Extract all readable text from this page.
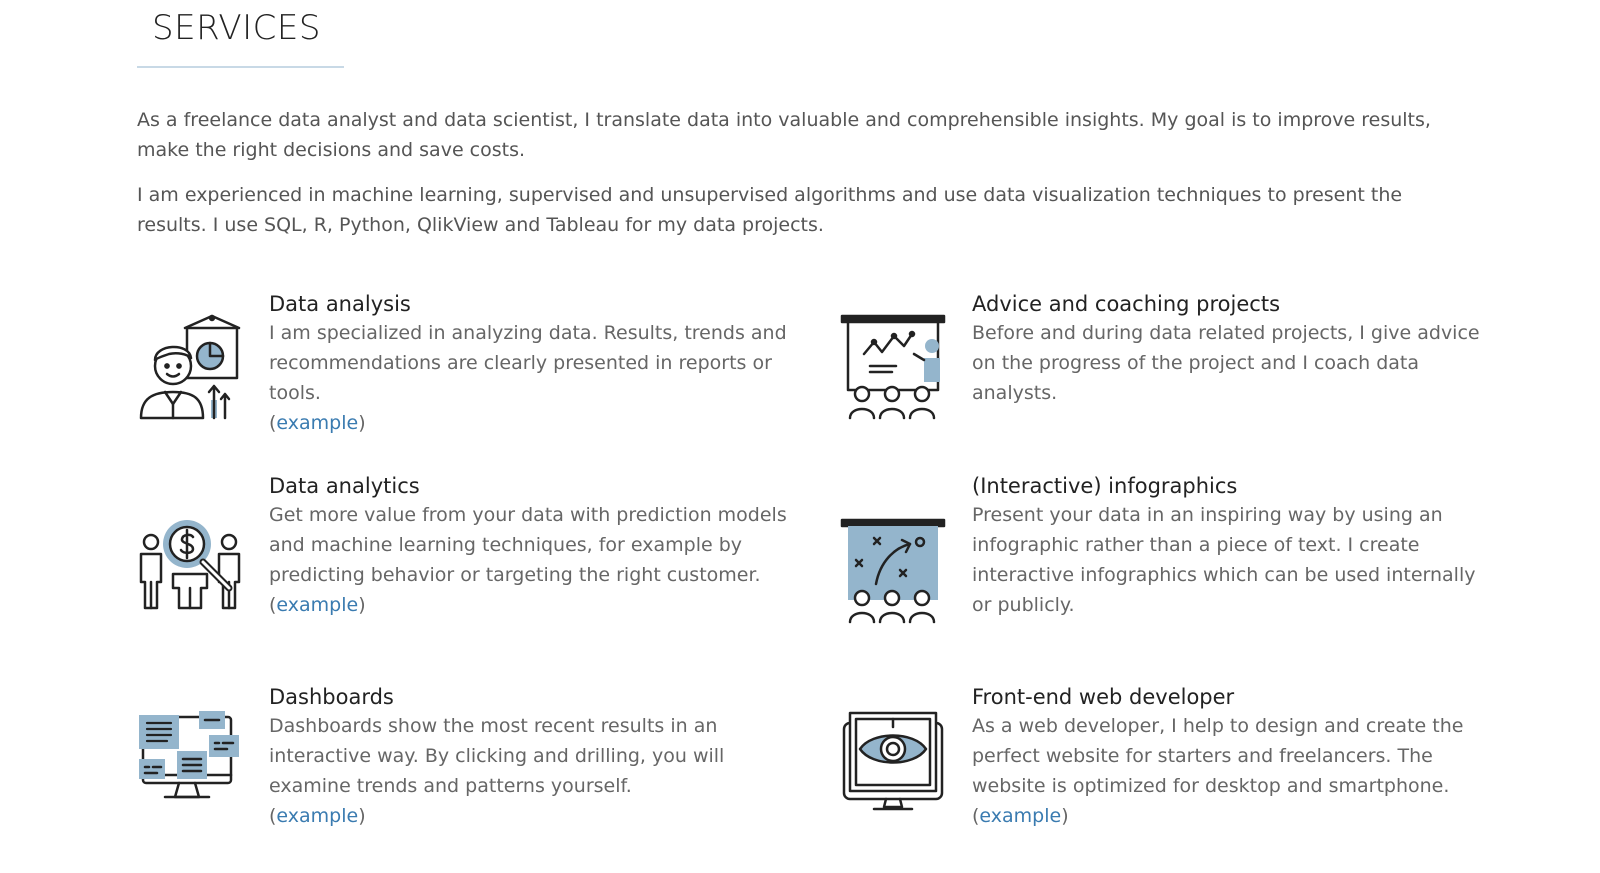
SERVICES

As a freelance data analyst and data scientist, I translate data into valuable and comprehensible insights. My goal is to improve results, make the right decisions and save costs.

I am experienced in machine learning, supervised and unsupervised algorithms and use data visualization techniques to present the results. I use SQL, R, Python, QlikView and Tableau for my data projects.

Data analysis

I am specialized in analyzing data. Results, trends and recommendations are clearly presented in reports or tools.

(example)
Advice and coaching projects

Before and during data related projects, I give advice on the progress of the project and I coach data analysts.

Data analytics

Get more value from your data with prediction models and machine learning techniques, for example by predicting behavior or targeting the right customer.

(example)
(Interactive) infographics

Present your data in an inspiring way by using an infographic rather than a piece of text. I create interactive infographics which can be used internally or publicly.

Dashboards

Dashboards show the most recent results in an interactive way. By clicking and drilling, you will examine trends and patterns yourself.

(example)
Front-end web developer

As a web developer, I help to design and create the perfect website for starters and freelancers. The website is optimized for desktop and smartphone.

(example)
